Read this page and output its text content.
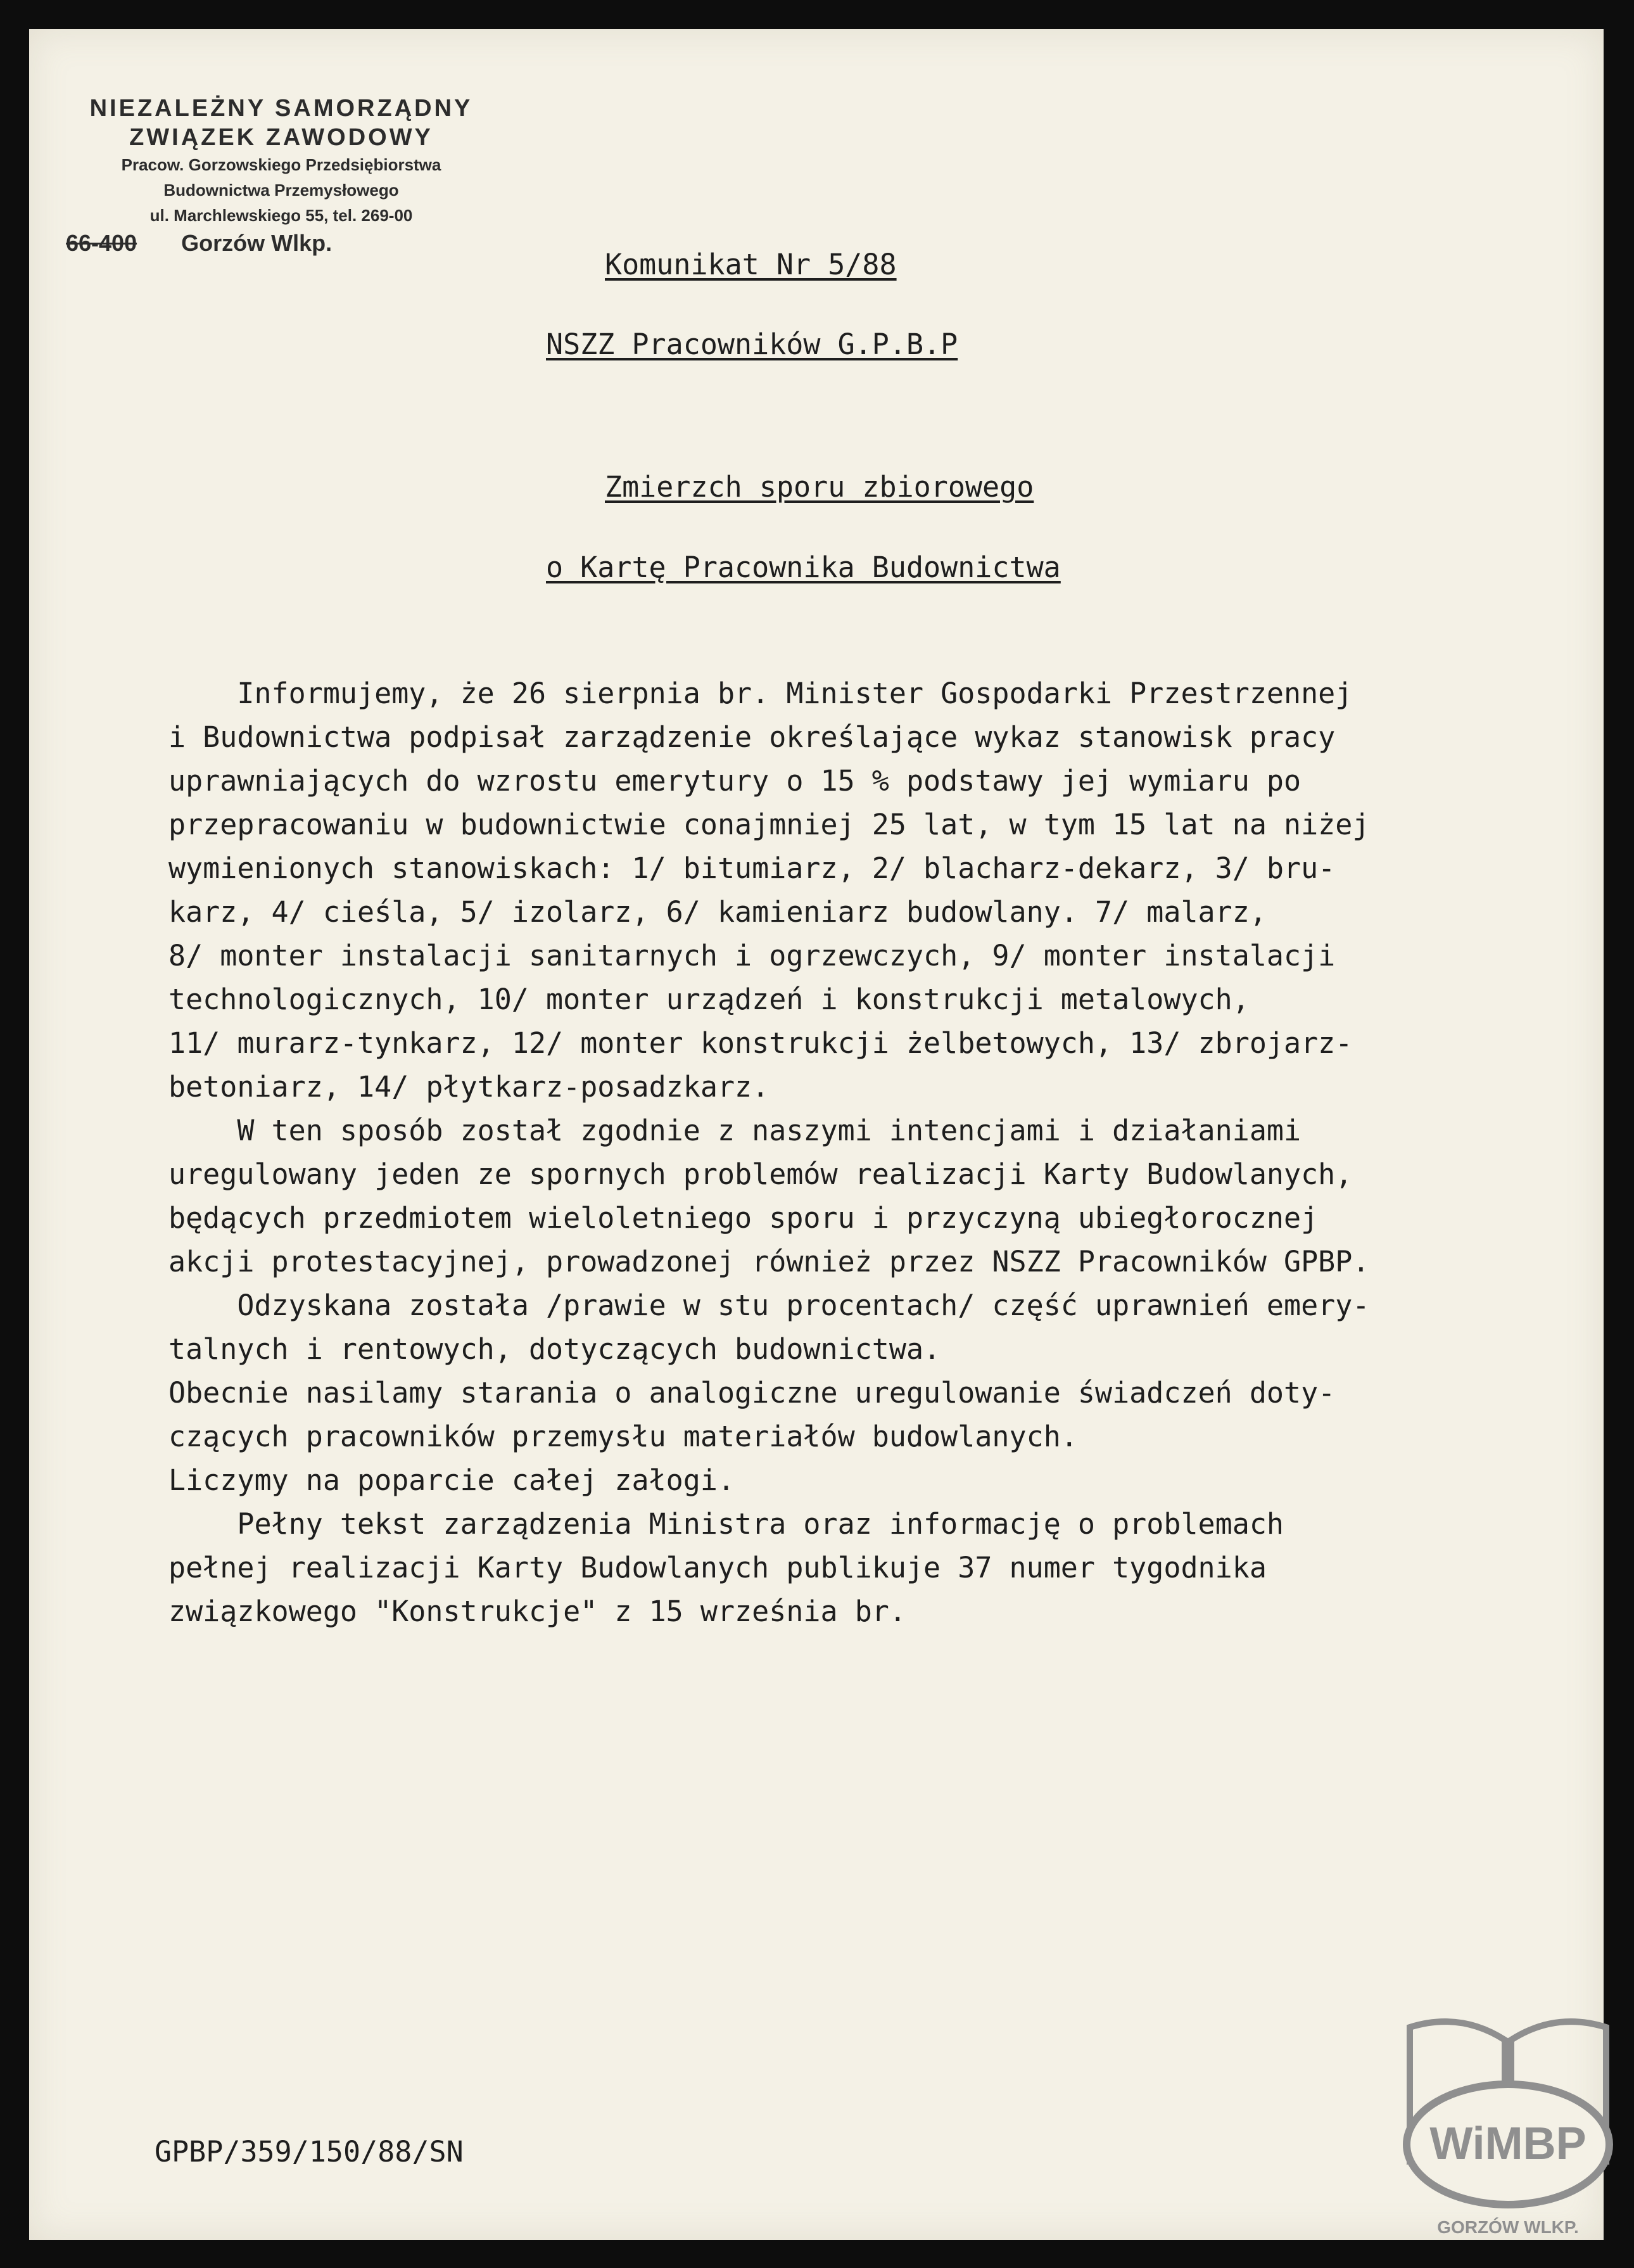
NIEZALEŻNY SAMORZĄDNY
ZWIĄZEK ZAWODOWY
Pracow. Gorzowskiego Przedsiębiorstwa
Budownictwa Przemysłowego
ul. Marchlewskiego 55, tel. 269-00
66-400 Gorzów Wlkp.
Komunikat Nr 5/88
NSZZ Pracowników G.P.B.P
Zmierzch sporu zbiorowego
o Kartę Pracownika Budownictwa
Informujemy, że 26 sierpnia br. Minister Gospodarki Przestrzennej
i Budownictwa podpisał zarządzenie określające wykaz stanowisk pracy
uprawniających do wzrostu emerytury o 15 % podstawy jej wymiaru po
przepracowaniu w budownictwie conajmniej 25 lat, w tym 15 lat na niżej
wymienionych stanowiskach: 1/ bitumiarz, 2/ blacharz-dekarz, 3/ bru-
karz, 4/ cieśla, 5/ izolarz, 6/ kamieniarz budowlany. 7/ malarz,
8/ monter instalacji sanitarnych i ogrzewczych, 9/ monter instalacji
technologicznych, 10/ monter urządzeń i konstrukcji metalowych,
11/ murarz-tynkarz, 12/ monter konstrukcji żelbetowych, 13/ zbrojarz-
betoniarz, 14/ płytkarz-posadzkarz.
W ten sposób został zgodnie z naszymi intencjami i działaniami
uregulowany jeden ze spornych problemów realizacji Karty Budowlanych,
będących przedmiotem wieloletniego sporu i przyczyną ubiegłorocznej
akcji protestacyjnej, prowadzonej również przez NSZZ Pracowników GPBP.
Odzyskana została /prawie w stu procentach/ część uprawnień emery-
talnych i rentowych, dotyczących budownictwa.
Obecnie nasilamy starania o analogiczne uregulowanie świadczeń doty-
czących pracowników przemysłu materiałów budowlanych.
Liczymy na poparcie całej załogi.
Pełny tekst zarządzenia Ministra oraz informację o problemach
pełnej realizacji Karty Budowlanych publikuje 37 numer tygodnika
związkowego "Konstrukcje" z 15 września br.
GPBP/359/150/88/SN	WiMBP
GORZÓW WLKP.
